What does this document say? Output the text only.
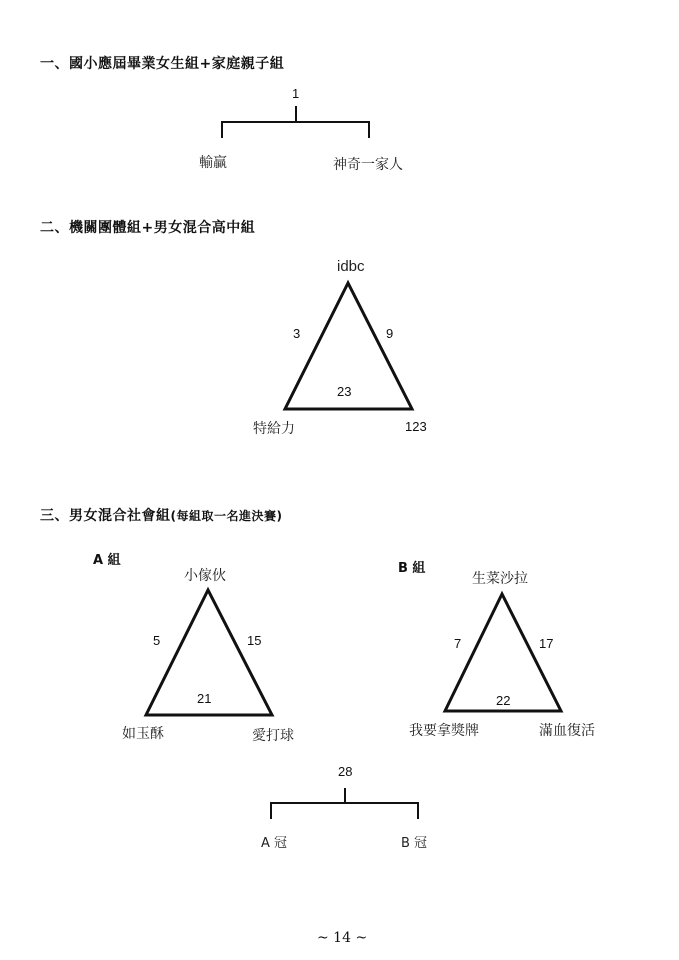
一、國小應屆畢業女生組+家庭親子組
1
輸贏	神奇一家人
二、機關團體組+男女混合高中組
idbc
3	9
23
特給力	123
三、男女混合社會組(每組取一名進決賽)
A 組
小傢伙
5	15
21
如玉酥	愛打球
B 組
生菜沙拉
7	17
22
我要拿獎牌	滿血復活
28
A 冠	B 冠
~ 14 ~
